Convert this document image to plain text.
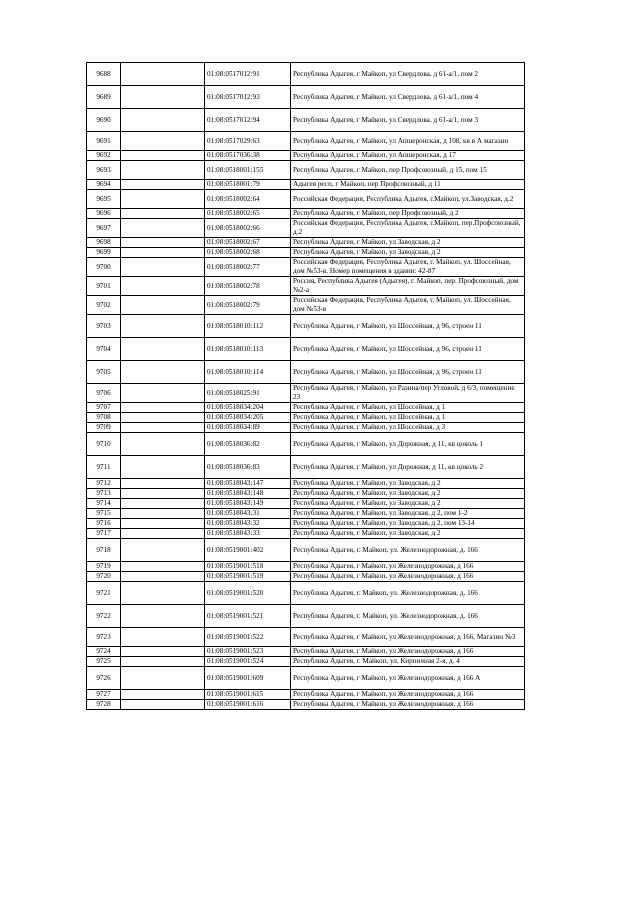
9688		01:08:0517012:91	Республика Адыгея, г Майкоп, ул Свердлова, д 61-а/1, пом 2
9689		01:08:0517012:93	Республика Адыгея, г Майкоп, ул Свердлова, д 61-а/1, пом 4
9690		01:08:0517012:94	Республика Адыгея, г Майкоп, ул Свердлова, д 61-а/1, пом 3
9691		01:08:0517029:63	Республика Адыгея, г Майкоп, ул Апшеронская, д 108, кв в А магазин
9692		01:08:0517036:38	Республика Адыгея, г Майкоп, ул Апшеронская, д 17
9693		01:08:0518001:155	Республика Адыгея, г Майкоп, пер Профсоюзный, д 15, пом 15
9694		01:08:0518001:79	Адыгея респ, г Майкоп, пер Профсоюзный, д 11
9695		01:08:0518002:64	Российская Федерация, Республика Адыгея, г.Майкоп, ул.Заводская, д.2
9696		01:08:0518002:65	Республика Адыгея, г Майкоп, пер Профсоюзный, д 2
9697		01:08:0518002:66	Российская Федерация, Республика Адыгея, г.Майкоп, пер.Профсоюзный, д.2
9698		01:08:0518002:67	Республика Адыгея, г Майкоп, ул Заводская, д 2
9699		01:08:0518002:68	Республика Адыгея, г Майкоп, ул Заводская, д 2
9700		01:08:0518002:77	Российская Федерация, Республика Адыгея, г. Майкоп, ул. Шоссейная, дом №53-в. Номер помещения в здании: 42-87
9701		01:08:0518002:78	Россия, Республика Адыгея (Адыгея), г. Майкоп, пер. Профсоюзный, дом №2-а
9702		01:08:0518002:79	Российская Федерация, Республика Адыгея, г. Майкоп, ул. Шоссейная, дом №53-в
9703		01:08:0518010:112	Республика Адыгея, г Майкоп, ул Шоссейная, д 96, строен 11
9704		01:08:0518010:113	Республика Адыгея, г Майкоп, ул Шоссейная, д 96, строен 11
9705		01:08:0518010:114	Республика Адыгея, г Майкоп, ул Шоссейная, д 96, строен 11
9706		01:08:0518025:91	Республика Адыгея, г Майкоп, ул Разина/пер Угловой, д 6/3, помещение 23
9707		01:08:0518034:204	Республика Адыгея, г Майкоп, ул Шоссейная, д 1
9708		01:08:0518034:205	Республика Адыгея, г Майкоп, ул Шоссейная, д 1
9709		01:08:0518034:89	Республика Адыгея, г Майкоп, ул Шоссейная, д 3
9710		01:08:0518036:82	Республика Адыгея, г Майкоп, ул Дорожная, д 11, кв цоколь 1
9711		01:08:0518036:83	Республика Адыгея, г Майкоп, ул Дорожная, д 11, кв цоколь 2
9712		01:08:0518043:147	Республика Адыгея, г Майкоп, ул Заводская, д 2
9713		01:08:0518043:148	Республика Адыгея, г Майкоп, ул Заводская, д 2
9714		01:08:0518043:149	Республика Адыгея, г Майкоп, ул Заводская, д 2
9715		01:08:0518043:31	Республика Адыгея, г Майкоп, ул Заводская, д 2, пом 1-2
9716		01:08:0518043:32	Республика Адыгея, г Майкоп, ул Заводская, д 2, пом 13-14
9717		01:08:0518043:33	Республика Адыгея, г Майкоп, ул Заводская, д 2
9718		01:08:0519001:402	Республика Адыгея, г. Майкоп, ул. Железнодорожная, д. 166
9719		01:08:0519001:518	Республика Адыгея, г Майкоп, ул Железнодорожная, д 166
9720		01:08:0519001:519	Республика Адыгея, г Майкоп, ул Железнодорожная, д 166
9721		01:08:0519001:520	Республика Адыгея, г. Майкоп, ул. Железнодорожная, д. 166
9722		01:08:0519001:521	Республика Адыгея, г. Майкоп, ул. Железнодорожная, д. 166
9723		01:08:0519001:522	Республика Адыгея, г Майкоп, ул Железнодорожная, д 166, Магазин №3
9724		01:08:0519001:523	Республика Адыгея, г Майкоп, ул Железнодорожная, д 166
9725		01:08:0519001:524	Республика Адыгея, г. Майкоп, ул. Кирпичная 2-я, д. 4
9726		01:08:0519001:609	Республика Адыгея, г Майкоп, ул Железнодорожная, д 166 А
9727		01:08:0519001:615	Республика Адыгея, г Майкоп, ул Железнодорожная, д 166
9728		01:08:0519001:616	Республика Адыгея, г Майкоп, ул Железнодорожная, д 166
